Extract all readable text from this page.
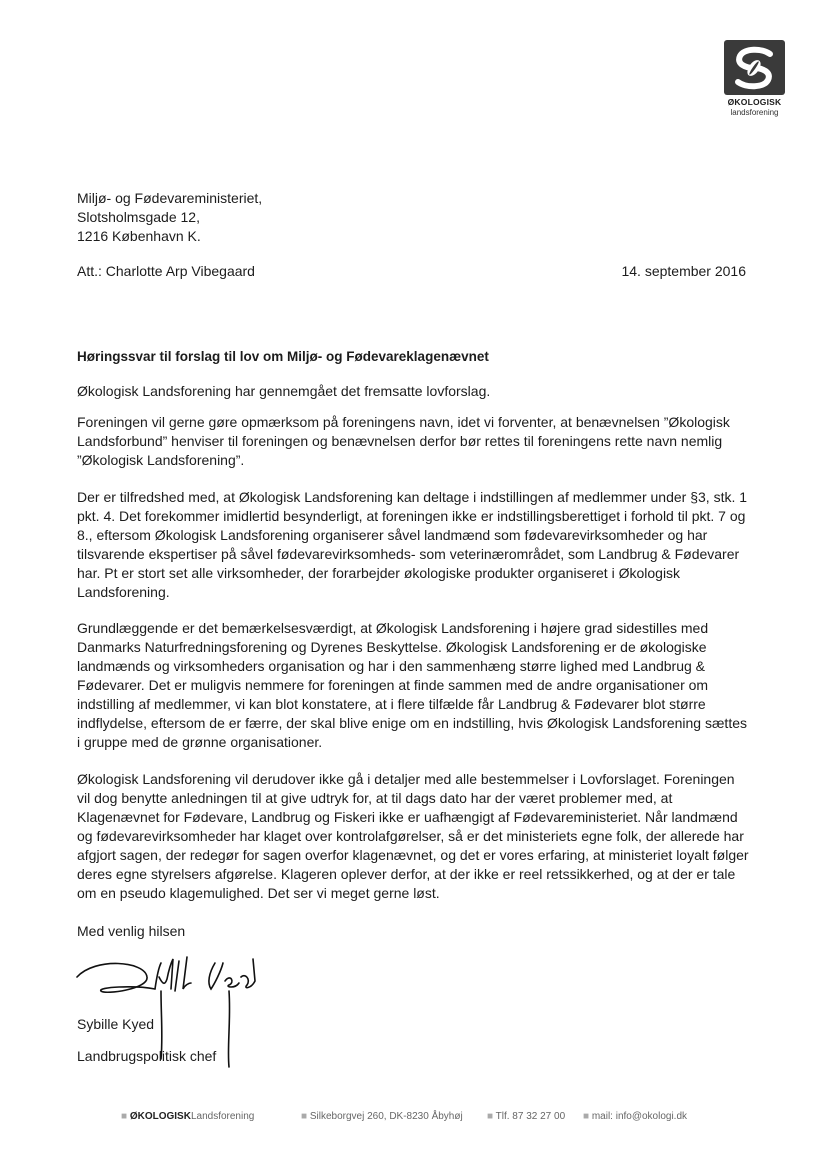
ØKOLOGISK
landsforening
Miljø- og Fødevareministeriet,
Slotsholmsgade 12,
1216 København K.
Att.: Charlotte Arp Vibegaard	14. september 2016
Høringssvar til forslag til lov om Miljø- og Fødevareklagenævnet
Økologisk Landsforening har gennemgået det fremsatte lovforslag.
Foreningen vil gerne gøre opmærksom på foreningens navn, idet vi forventer, at benævnelsen ”Økologisk Landsforbund” henviser til foreningen og benævnelsen derfor bør rettes til foreningens rette navn nemlig ”Økologisk Landsforening”.
Der er tilfredshed med, at Økologisk Landsforening kan deltage i indstillingen af medlemmer under §3, stk. 1 pkt. 4. Det forekommer imidlertid besynderligt, at foreningen ikke er indstillingsberettiget i forhold til pkt. 7 og 8., eftersom Økologisk Landsforening organiserer såvel landmænd som fødevarevirksomheder og har tilsvarende ekspertiser på såvel fødevarevirksomheds- som veterinærområdet, som Landbrug & Fødevarer har. Pt er stort set alle virksomheder, der forarbejder økologiske produkter organiseret i Økologisk Landsforening.
Grundlæggende er det bemærkelsesværdigt, at Økologisk Landsforening i højere grad sidestilles med Danmarks Naturfredningsforening og Dyrenes Beskyttelse. Økologisk Landsforening er de økologiske landmænds og virksomheders organisation og har i den sammenhæng større lighed med Landbrug & Fødevarer. Det er muligvis nemmere for foreningen at finde sammen med de andre organisationer om indstilling af medlemmer, vi kan blot konstatere, at i flere tilfælde får Landbrug & Fødevarer blot større indflydelse, eftersom de er færre, der skal blive enige om en indstilling, hvis Økologisk Landsforening sættes i gruppe med de grønne organisationer.
Økologisk Landsforening vil derudover ikke gå i detaljer med alle bestemmelser i Lovforslaget. Foreningen vil dog benytte anledningen til at give udtryk for, at til dags dato har der været problemer med, at Klagenævnet for Fødevare, Landbrug og Fiskeri ikke er uafhængigt af Fødevareministeriet. Når landmænd og fødevarevirksomheder har klaget over kontrolafgørelser, så er det ministeriets egne folk, der allerede har afgjort sagen, der redegør for sagen overfor klagenævnet, og det er vores erfaring, at ministeriet loyalt følger deres egne styrelsers afgørelse. Klageren oplever derfor, at der ikke er reel retssikkerhed, og at der er tale om en pseudo klagemulighed. Det ser vi meget gerne løst.
Med venlig hilsen
Sybille Kyed
Landbrugspolitisk chef
■ ØKOLOGISKLandsforening	■ Silkeborgvej 260, DK-8230 Åbyhøj ■ Tlf. 87 32 27 00 ■ mail: info@okologi.dk
